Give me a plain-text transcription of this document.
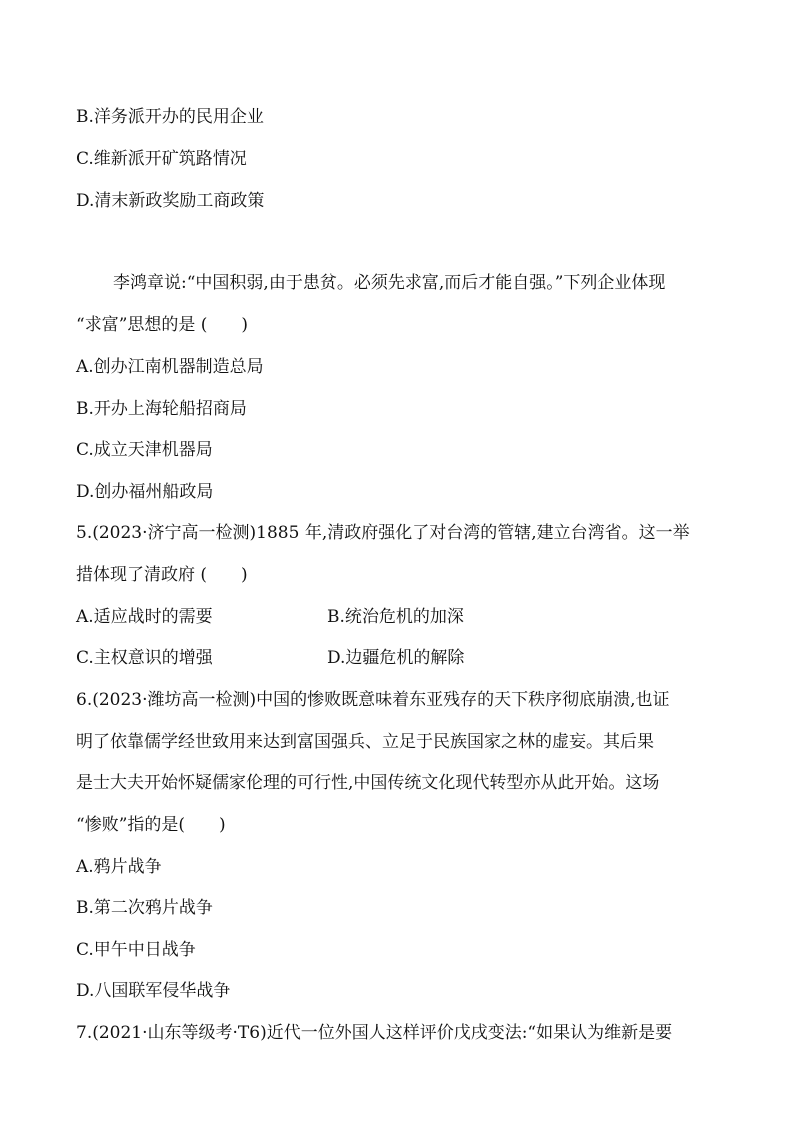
B.洋务派开办的民用企业
C.维新派开矿筑路情况
D.清末新政奖励工商政策
李鸿章说:“中国积弱,由于患贫。必须先求富,而后才能自强。”下列企业体现
“求富”思想的是 (　　)
A.创办江南机器制造总局
B.开办上海轮船招商局
C.成立天津机器局
D.创办福州船政局
5.(2023·济宁高一检测)1885 年,清政府强化了对台湾的管辖,建立台湾省。这一举
措体现了清政府 (　　)
A.适应战时的需要	B.统治危机的加深
C.主权意识的增强	D.边疆危机的解除
6.(2023·潍坊高一检测)中国的惨败既意味着东亚残存的天下秩序彻底崩溃,也证
明了依靠儒学经世致用来达到富国强兵、立足于民族国家之林的虚妄。其后果
是士大夫开始怀疑儒家伦理的可行性,中国传统文化现代转型亦从此开始。这场
“惨败”指的是(　　)
A.鸦片战争
B.第二次鸦片战争
C.甲午中日战争
D.八国联军侵华战争
7.(2021·山东等级考·T6)近代一位外国人这样评价戊戌变法:“如果认为维新是要
